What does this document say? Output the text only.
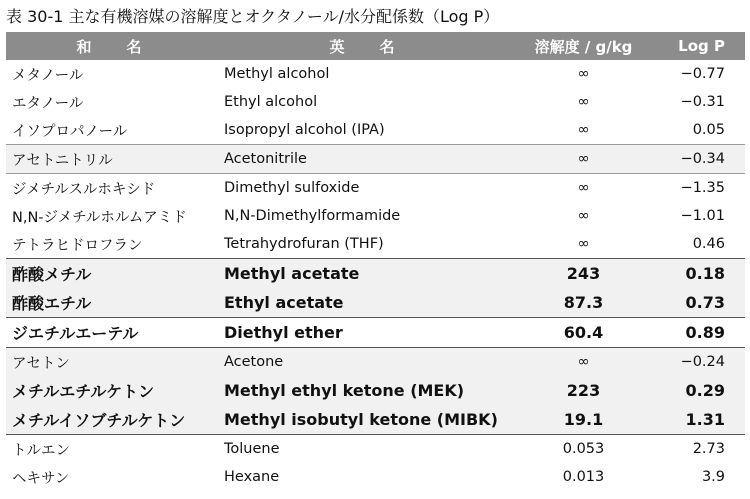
表 30-1 主な有機溶媒の溶解度とオクタノール/水分配係数（Log P）
和　名	英　名	溶解度 / g/kg	Log P
メタノール	Methyl alcohol	∞	−0.77
エタノール	Ethyl alcohol	∞	−0.31
イソプロパノール	Isopropyl alcohol (IPA)	∞	0.05
アセトニトリル	Acetonitrile	∞	−0.34
ジメチルスルホキシド	Dimethyl sulfoxide	∞	−1.35
N,N-ジメチルホルムアミド	N,N-Dimethylformamide	∞	−1.01
テトラヒドロフラン	Tetrahydrofuran (THF)	∞	0.46
酢酸メチル	Methyl acetate	243	0.18
酢酸エチル	Ethyl acetate	87.3	0.73
ジエチルエーテル	Diethyl ether	60.4	0.89
アセトン	Acetone	∞	−0.24
メチルエチルケトン	Methyl ethyl ketone (MEK)	223	0.29
メチルイソブチルケトン	Methyl isobutyl ketone (MIBK)	19.1	1.31
トルエン	Toluene	0.053	2.73
ヘキサン	Hexane	0.013	3.9
